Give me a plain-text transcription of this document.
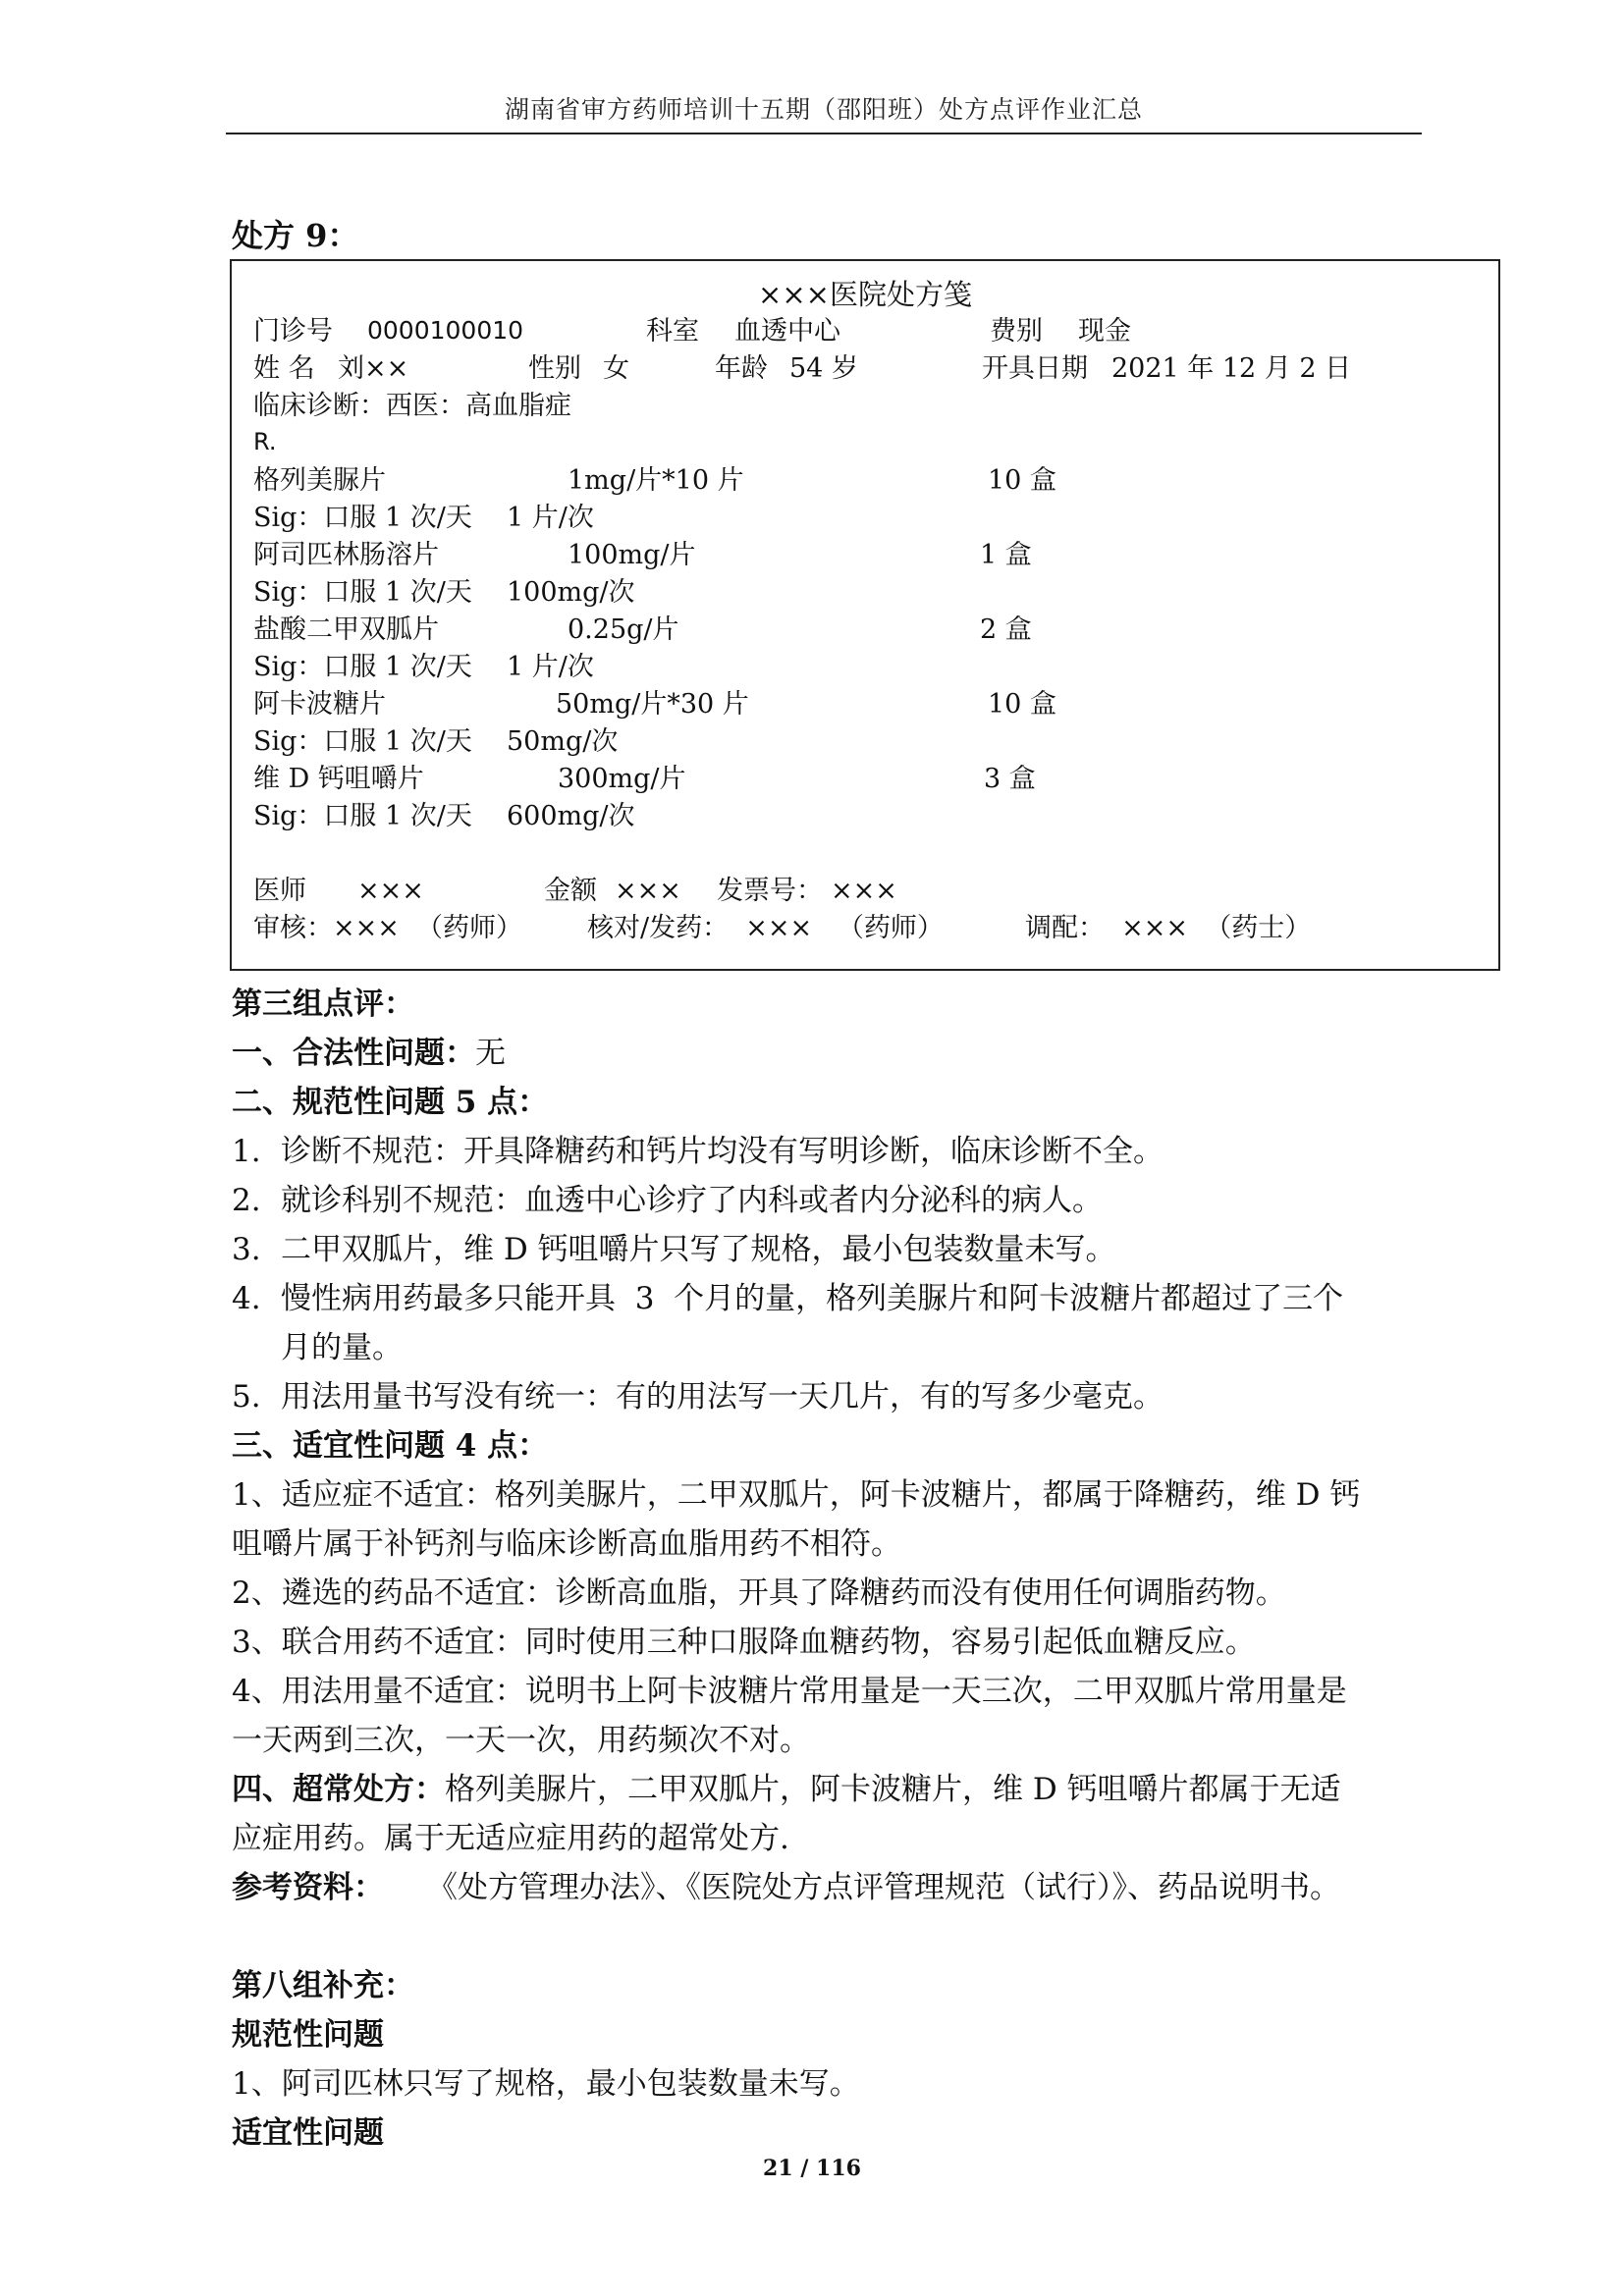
湖南省审方药师培训十五期（邵阳班）处方点评作业汇总
处方 9：
×××医院处方笺
门诊号 0000100010	科室 血透中心	费别 现金
姓 名 刘××	性别 女	年龄 54 岁	开具日期 2021 年 12 月 2 日
临床诊断：西医：高血脂症
R.
格列美脲片	1mg/片*10 片	10 盒
Sig：口服 1 次/天 1 片/次
阿司匹林肠溶片	100mg/片	1 盒
Sig：口服 1 次/天 100mg/次
盐酸二甲双胍片	0.25g/片	2 盒
Sig：口服 1 次/天 1 片/次
阿卡波糖片	50mg/片*30 片	10 盒
Sig：口服 1 次/天 50mg/次
维 D 钙咀嚼片	300mg/片	3 盒
Sig：口服 1 次/天 600mg/次
医师 ×××	金额 ××× 发票号： ×××
审核：×××  （药师） 核对/发药：  ×××   （药师）	调配：  ×××  （药士）
第三组点评：
一、合法性问题：无
二、规范性问题 5 点：
1. 诊断不规范：开具降糖药和钙片均没有写明诊断，临床诊断不全。
2. 就诊科别不规范：血透中心诊疗了内科或者内分泌科的病人。
3. 二甲双胍片，维 D 钙咀嚼片只写了规格，最小包装数量未写。
4. 慢性病用药最多只能开具  3  个月的量，格列美脲片和阿卡波糖片都超过了三个
月的量。
5. 用法用量书写没有统一：有的用法写一天几片，有的写多少毫克。
三、适宜性问题 4 点：
1、适应症不适宜：格列美脲片，二甲双胍片，阿卡波糖片，都属于降糖药，维 D 钙
咀嚼片属于补钙剂与临床诊断高血脂用药不相符。
2、遴选的药品不适宜：诊断高血脂，开具了降糖药而没有使用任何调脂药物。
3、联合用药不适宜：同时使用三种口服降血糖药物，容易引起低血糖反应。
4、用法用量不适宜：说明书上阿卡波糖片常用量是一天三次，二甲双胍片常用量是
一天两到三次，一天一次，用药频次不对。
四、超常处方：格列美脲片，二甲双胍片，阿卡波糖片，维 D 钙咀嚼片都属于无适
应症用药。属于无适应症用药的超常处方.
参考资料： 《处方管理办法》、《医院处方点评管理规范（试行）》、药品说明书。
第八组补充：
规范性问题
1、阿司匹林只写了规格，最小包装数量未写。
适宜性问题
21 / 116
